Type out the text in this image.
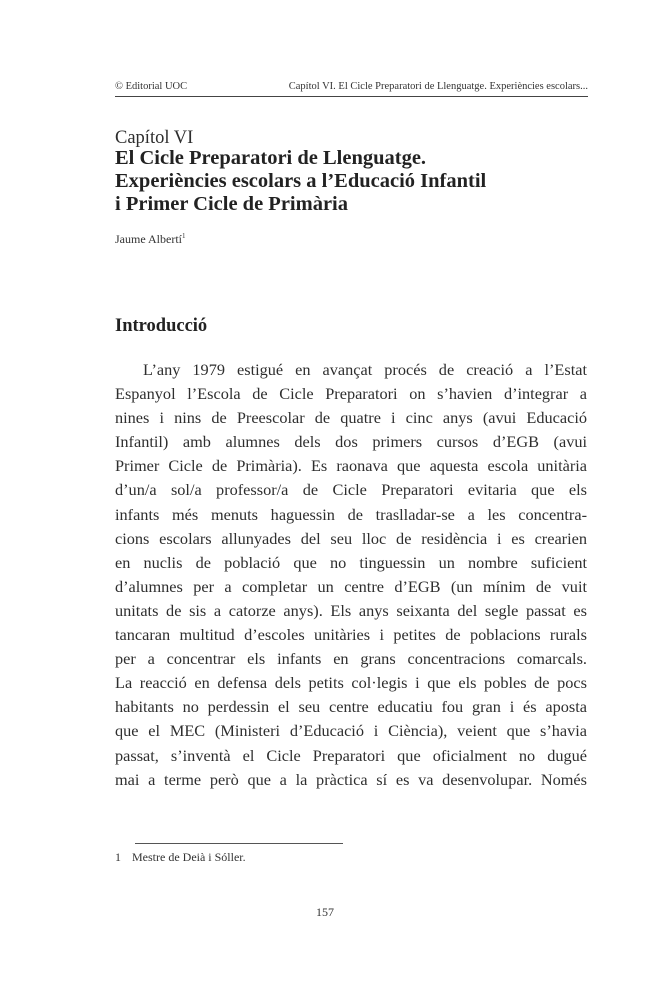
© Editorial UOC	Capítol VI. El Cicle Preparatori de Llenguatge. Experiències escolars...
Capítol VI
El Cicle Preparatori de Llenguatge.
Experiències escolars a l’Educació Infantil
i Primer Cicle de Primària
Jaume Albertí$^1$
Introducció
L’any 1979 estigué en avançat procés de creació a l’Estat
Espanyol l’Escola de Cicle Preparatori on s’havien d’integrar a
nines i nins de Preescolar de quatre i cinc anys (avui Educació
Infantil) amb alumnes dels dos primers cursos d’EGB (avui
Primer Cicle de Primària). Es raonava que aquesta escola unitària
d’un/a sol/a professor/a de Cicle Preparatori evitaria que els
infants més menuts haguessin de traslladar-se a les concentra-
cions escolars allunyades del seu lloc de residència i es crearien
en nuclis de població que no tinguessin un nombre suficient
d’alumnes per a completar un centre d’EGB (un mínim de vuit
unitats de sis a catorze anys). Els anys seixanta del segle passat es
tancaran multitud d’escoles unitàries i petites de poblacions rurals
per a concentrar els infants en grans concentracions comarcals.
La reacció en defensa dels petits col·legis i que els pobles de pocs
habitants no perdessin el seu centre educatiu fou gran i és aposta
que el MEC (Ministeri d’Educació i Ciència), veient que s’havia
passat, s’inventà el Cicle Preparatori que oficialment no dugué
mai a terme però que a la pràctica sí es va desenvolupar. Només
1 Mestre de Deià i Sóller.
157
